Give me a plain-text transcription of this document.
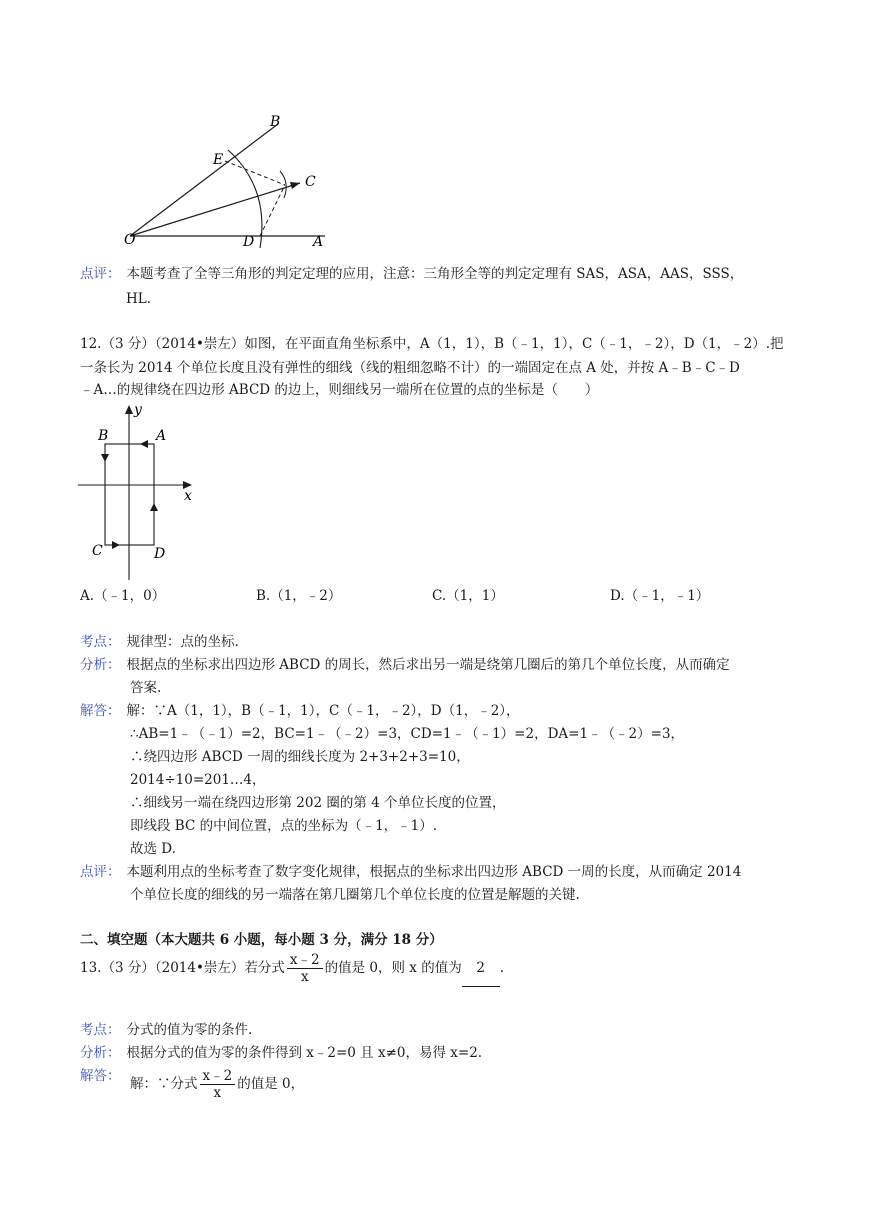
B
E
C
O	D	A
点评： 本题考查了全等三角形的判定定理的应用，注意：三角形全等的判定定理有 SAS，ASA，AAS，SSS，
HL.
12.（3 分）（2014•崇左）如图，在平面直角坐标系中，A（1，1），B（﹣1，1），C（﹣1，﹣2），D（1，﹣2）.把
一条长为 2014 个单位长度且没有弹性的细线（线的粗细忽略不计）的一端固定在点 A 处，并按 A﹣B﹣C﹣D
﹣A…的规律绕在四边形 ABCD 的边上，则细线另一端所在位置的点的坐标是（　　）
y
x
A
B
C	D
A.（﹣1，0）	B.（1，﹣2）	C.（1，1）	D.（﹣1，﹣1）
考点： 规律型：点的坐标.
分析： 根据点的坐标求出四边形 ABCD 的周长，然后求出另一端是绕第几圈后的第几个单位长度，从而确定
答案.
解答： 解：∵A（1，1），B（﹣1，1），C（﹣1，﹣2），D（1，﹣2），
∴AB=1﹣（﹣1）=2，BC=1﹣（﹣2）=3，CD=1﹣（﹣1）=2，DA=1﹣（﹣2）=3，
∴绕四边形 ABCD 一周的细线长度为 2+3+2+3=10，
2014÷10=201…4，
∴细线另一端在绕四边形第 202 圈的第 4 个单位长度的位置，
即线段 BC 的中间位置，点的坐标为（﹣1，﹣1）.
故选 D.
点评： 本题利用点的坐标考查了数字变化规律，根据点的坐标求出四边形 ABCD 一周的长度，从而确定 2014
个单位长度的细线的另一端落在第几圈第几个单位长度的位置是解题的关键.
二、填空题（本大题共 6 小题，每小题 3 分，满分 18 分）
13.（3 分）（2014•崇左）若分式 $\frac{x﹣2}{x}$ 的值是 0，则 x 的值为 2 .
考点： 分式的值为零的条件.
分析： 根据分式的值为零的条件得到 x﹣2=0 且 x≠0，易得 x=2.
解答： 解：∵分式 $\frac{x﹣2}{x}$ 的值是 0，
